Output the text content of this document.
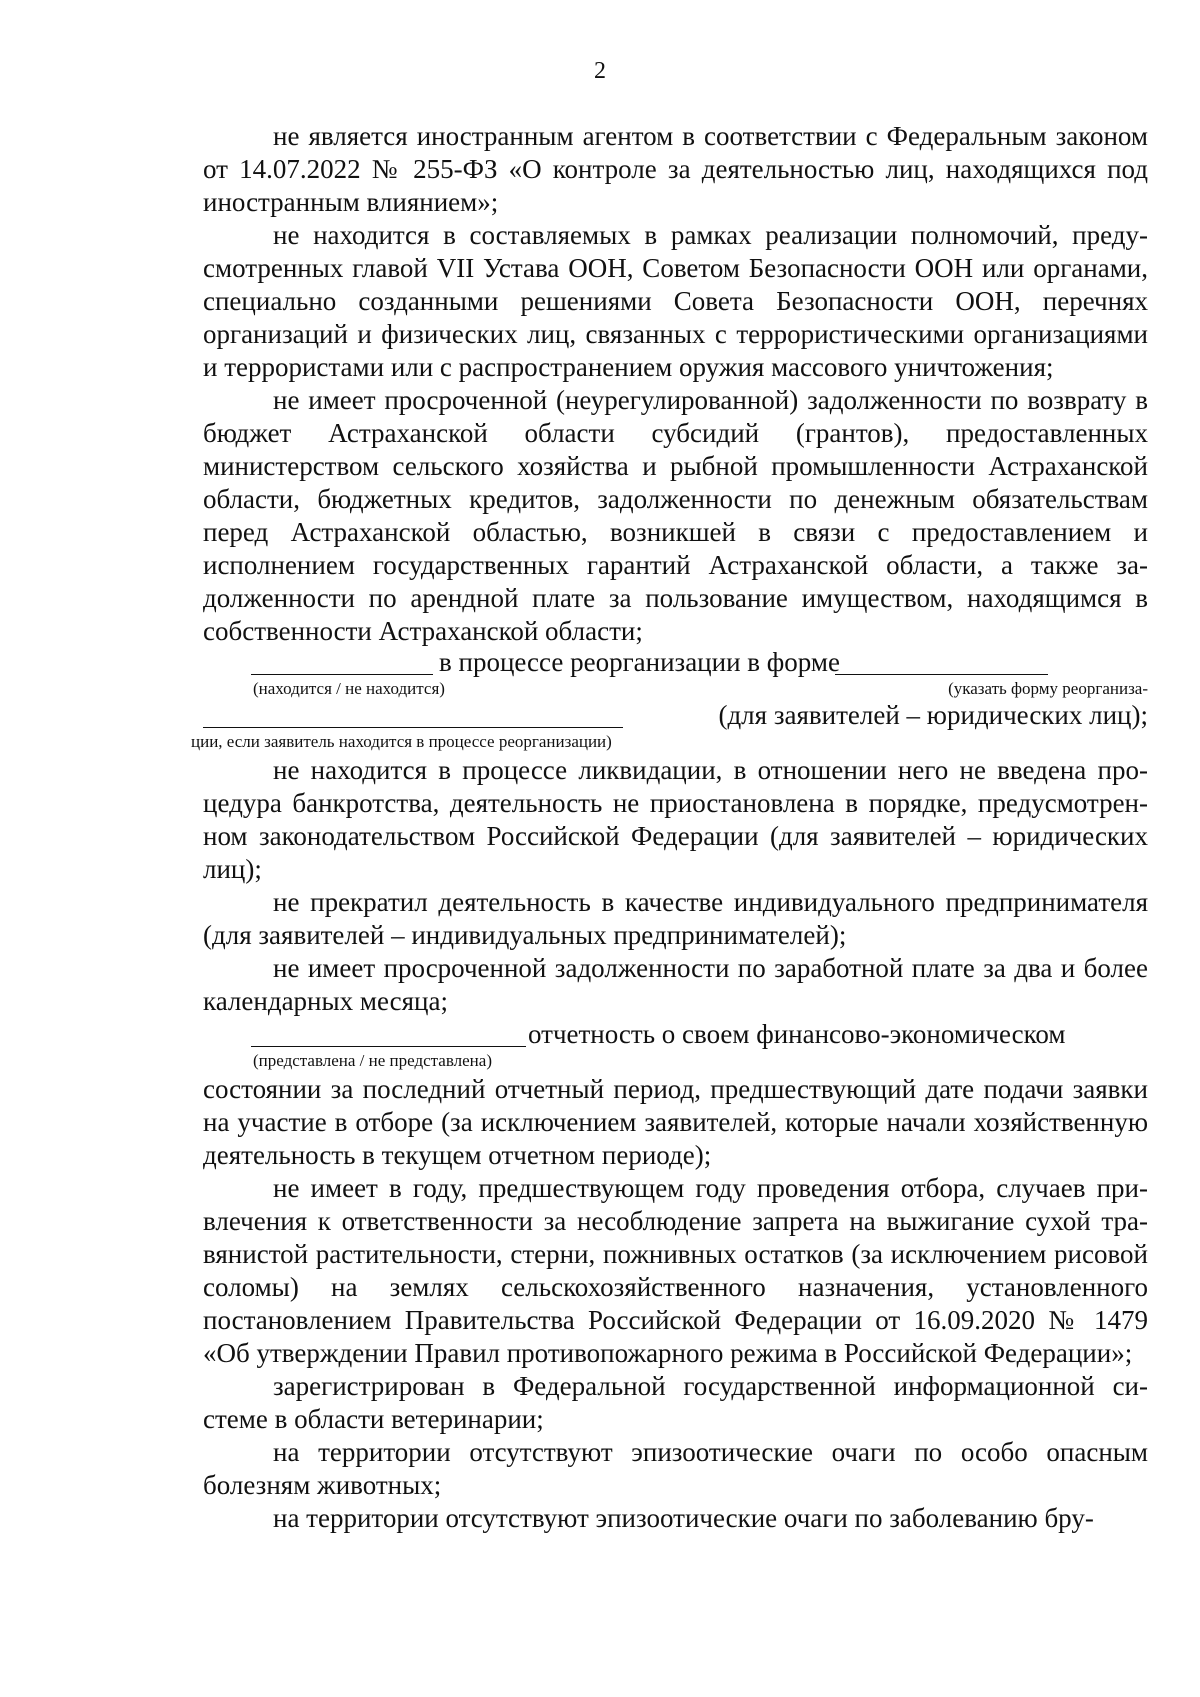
2

не является иностранным агентом в соответствии с Федеральным законом от 14.07.2022 № 255-ФЗ «О контроле за деятельностью лиц, находящихся под иностранным влиянием»;

не находится в составляемых в рамках реализации полномочий, предусмотренных главой VII Устава ООН, Советом Безопасности ООН или органами, специально созданными решениями Совета Безопасности ООН, перечнях организаций и физических лиц, связанных с террористическими организациями и террористами или с распространением оружия массового уничтожения;

не имеет просроченной (неурегулированной) задолженности по возврату в бюджет Астраханской области субсидий (грантов), предоставленных министерством сельского хозяйства и рыбной промышленности Астраханской области, бюджетных кредитов, задолженности по денежным обязательствам перед Астраханской областью, возникшей в связи с предоставлением и исполнением государственных гарантий Астраханской области, а также задолженности по арендной плате за пользование имуществом, находящимся в собственности Астраханской области;

в процессе реорганизации в форме
(находится / не находится)	(указать форму реорганиза-
(для заявителей – юридических лиц);
ции, если заявитель находится в процессе реорганизации)

не находится в процессе ликвидации, в отношении него не введена процедура банкротства, деятельность не приостановлена в порядке, предусмотренном законодательством Российской Федерации (для заявителей – юридических лиц);

не прекратил деятельность в качестве индивидуального предпринимателя (для заявителей – индивидуальных предпринимателей);

не имеет просроченной задолженности по заработной плате за два и более календарных месяца;

отчетность о своем финансово-экономическом
(представлена / не представлена)

состоянии за последний отчетный период, предшествующий дате подачи заявки на участие в отборе (за исключением заявителей, которые начали хозяйственную деятельность в текущем отчетном периоде);

не имеет в году, предшествующем году проведения отбора, случаев привлечения к ответственности за несоблюдение запрета на выжигание сухой травянистой растительности, стерни, пожнивных остатков (за исключением рисовой соломы) на землях сельскохозяйственного назначения, установленного постановлением Правительства Российской Федерации от 16.09.2020 № 1479 «Об утверждении Правил противопожарного режима в Российской Федерации»;

зарегистрирован в Федеральной государственной информационной системе в области ветеринарии;

на территории отсутствуют эпизоотические очаги по особо опасным болезням животных;

на территории отсутствуют эпизоотические очаги по заболеванию бру-
